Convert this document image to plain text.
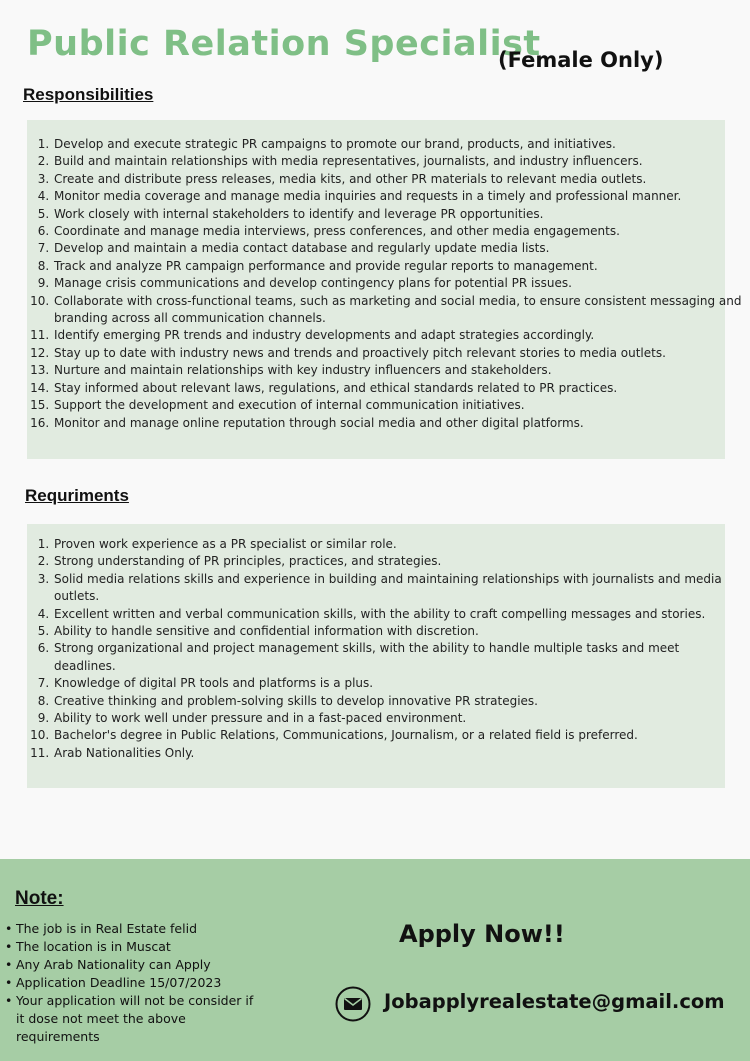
Public Relation Specialist
(Female Only)
Responsibilities
1. Develop and execute strategic PR campaigns to promote our brand, products, and initiatives.
2. Build and maintain relationships with media representatives, journalists, and industry influencers.
3. Create and distribute press releases, media kits, and other PR materials to relevant media outlets.
4. Monitor media coverage and manage media inquiries and requests in a timely and professional manner.
5. Work closely with internal stakeholders to identify and leverage PR opportunities.
6. Coordinate and manage media interviews, press conferences, and other media engagements.
7. Develop and maintain a media contact database and regularly update media lists.
8. Track and analyze PR campaign performance and provide regular reports to management.
9. Manage crisis communications and develop contingency plans for potential PR issues.
10. Collaborate with cross-functional teams, such as marketing and social media, to ensure consistent messaging and branding across all communication channels.
11. Identify emerging PR trends and industry developments and adapt strategies accordingly.
12. Stay up to date with industry news and trends and proactively pitch relevant stories to media outlets.
13. Nurture and maintain relationships with key industry influencers and stakeholders.
14. Stay informed about relevant laws, regulations, and ethical standards related to PR practices.
15. Support the development and execution of internal communication initiatives.
16. Monitor and manage online reputation through social media and other digital platforms.
Requriments
1. Proven work experience as a PR specialist or similar role.
2. Strong understanding of PR principles, practices, and strategies.
3. Solid media relations skills and experience in building and maintaining relationships with journalists and media outlets.
4. Excellent written and verbal communication skills, with the ability to craft compelling messages and stories.
5. Ability to handle sensitive and confidential information with discretion.
6. Strong organizational and project management skills, with the ability to handle multiple tasks and meet deadlines.
7. Knowledge of digital PR tools and platforms is a plus.
8. Creative thinking and problem-solving skills to develop innovative PR strategies.
9. Ability to work well under pressure and in a fast-paced environment.
10. Bachelor's degree in Public Relations, Communications, Journalism, or a related field is preferred.
11. Arab Nationalities Only.
Note:
• The job is in Real Estate felid
• The location is in Muscat
• Any Arab Nationality can Apply
• Application Deadline 15/07/2023
• Your application will not be consider if it dose not meet the above requirements
Apply Now!!
Jobapplyrealestate@gmail.com
